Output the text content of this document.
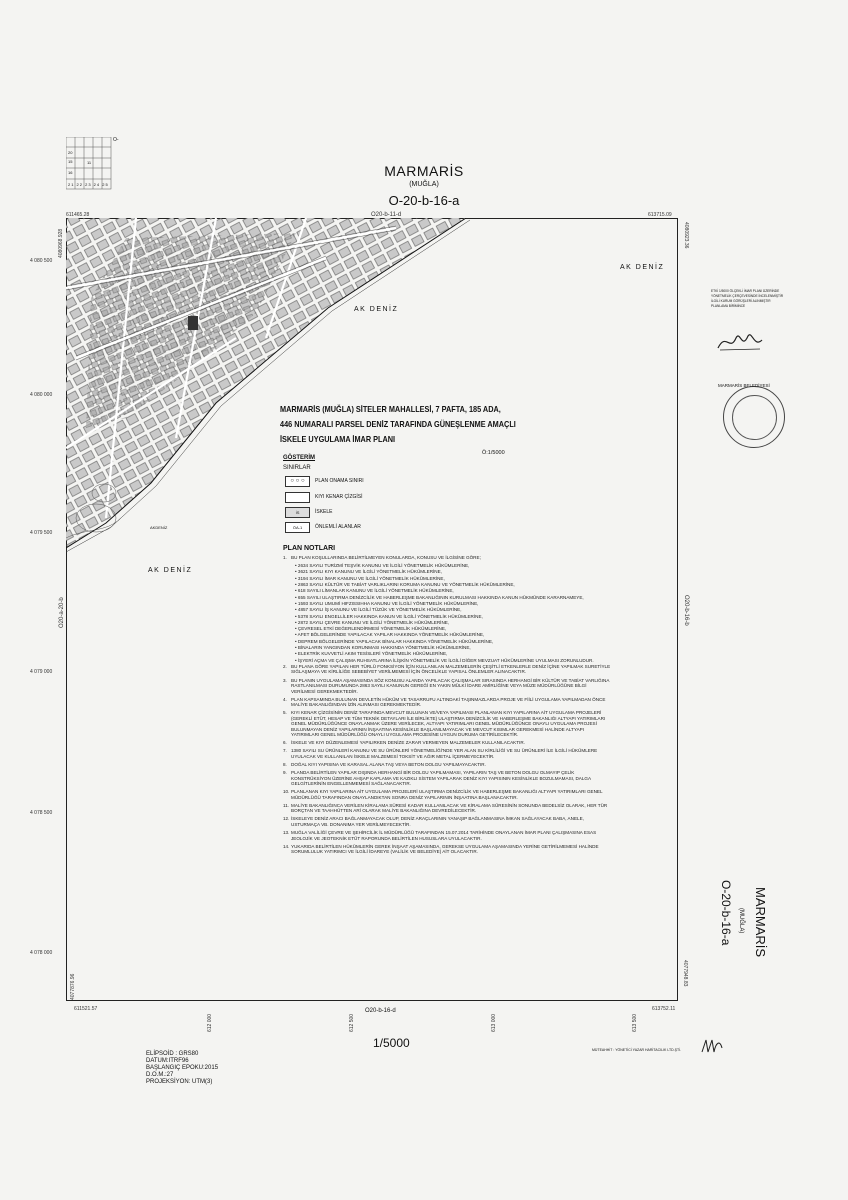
O-
20
15	11
16
21 22 23 24 25
MARMARİS
(MUĞLA)
O-20-b-16-a
O20-b-11-d
611465.28	613715.09
611521.57	613752.11
4080968.928
4077876.96
4080923.36
4077948.83
O20-a-20-b	O20-b-16-b
4 080 500
4 080 000
4 079 500
4 079 000
4 078 500
4 078 000
612 000	612 500	613 000	613 500
AK DENİZ
AK DENİZ
AK DENİZ
AKDENİZ
MARMARİS (MUĞLA) SİTELER MAHALLESİ, 7 PAFTA, 185 ADA,
446 NUMARALI PARSEL DENİZ TARAFINDA GÜNEŞLENME AMAÇLI
İSKELE UYGULAMA İMAR PLANI
Ö:1/5000
GÖSTERİM
SINIRLAR
○ ○ ○	PLAN ONAMA SINIRI
KIYI KENAR ÇİZGİSİ
İS	İSKELE
ÖA-1	ÖNLEMLİ ALANLAR
PLAN NOTLARI
1. BU PLAN KOŞULLARINDA BELİRTİLMEYEN KONULARDA, KONUSU VE İLGİSİNE GÖRE;
• 2634 SAYILI TURİZMİ TEŞVİK KANUNU VE İLGİLİ YÖNETMELİK HÜKÜMLERİNE,
• 3621 SAYILI KIYI KANUNU VE İLGİLİ YÖNETMELİK HÜKÜMLERİNE,
• 3194 SAYILI İMAR KANUNU VE İLGİLİ YÖNETMELİK HÜKÜMLERİNE,
• 2863 SAYILI KÜLTÜR VE TABİAT VARLIKLARINI KORUMA KANUNU VE YÖNETMELİK HÜKÜMLERİNE,
• 618 SAYILI LİMANLAR KANUNU VE İLGİLİ YÖNETMELİK HÜKÜMLERİNE,
• 655 SAYILI ULAŞTIRMA DENİZCİLİK VE HABERLEŞME BAKANLIĞININ KURULMASI HAKKINDA KANUN HÜKMÜNDE KARARNAMEYE,
• 1593 SAYILI UMUMİ HIFZISSIHHA KANUNU VE İLGİLİ YÖNETMELİK HÜKÜMLERİNE,
• 4857 SAYILI İŞ KANUNU VE İLGİLİ TÜZÜK VE YÖNETMELİK HÜKÜMLERİNE,
• 5378 SAYILI ENGELLİLER HAKKINDA KANUN VE İLGİLİ YÖNETMELİK HÜKÜMLERİNE,
• 2872 SAYILI ÇEVRE KANUNU VE İLGİLİ YÖNETMELİK HÜKÜMLERİNE,
• ÇEVRESEL ETKİ DEĞERLENDİRMESİ YÖNETMELİK HÜKÜMLERİNE,
• AFET BÖLGELERİNDE YAPILACAK YAPILAR HAKKINDA YÖNETMELİK HÜKÜMLERİNE,
• DEPREM BÖLGELERİNDE YAPILACAK BİNALAR HAKKINDA YÖNETMELİK HÜKÜMLERİNE,
• BİNALARIN YANGINDAN KORUNMASI HAKKINDA YÖNETMELİK HÜKÜMLERİNE,
• ELEKTRİK KUVVETLİ AKIM TESİSLERİ YÖNETMELİK HÜKÜMLERİNE,
• İŞYERİ AÇMA VE ÇALIŞMA RUHSATLARINA İLİŞKİN YÖNETMELİK VE İLGİLİ DİĞER MEVZUAT HÜKÜMLERİNE UYULMASI ZORUNLUDUR.
2. BU PLANA GÖRE YAPILAN HER TÜRLÜ FONKSİYON İÇİN KULLANILAN MALZEMELERİN ÇEŞİTLİ ETKENLERLE DENİZ İÇİNE YAPILMAK SURETİYLE SIĞLAŞMAYA VE KİRLİLİĞE SEBEBİYET VERİLMEMESİ İÇİN ÖNCELİKLE YAPISAL ÖNLEMLER ALINACAKTIR.
3. BU PLANIN UYGULAMA AŞAMASINDA SÖZ KONUSU ALANDA YAPILACAK ÇALIŞMALAR SIRASINDA HERHANGİ BİR KÜLTÜR VE TABİAT VARLIĞINA RASTLANILMASI DURUMUNDA 2863 SAYILI KANUNUN GEREĞİ EN YAKIN MÜLKİ İDARE AMİRLİĞİNE VEYA MÜZE MÜDÜRLÜĞÜNE BİLGİ VERİLMESİ GEREKMEKTEDİR.
4. PLAN KAPSAMINDA BULUNAN DEVLETİN HÜKÜM VE TASARRUFU ALTINDAKİ TAŞINMAZLARDA PROJE VE FİİLİ UYGULAMA YAPILMADAN ÖNCE MALİYE BAKANLIĞINDAN İZİN ALINMASI GEREKMEKTEDİR.
5. KIYI KENAR ÇİZGİSİNİN DENİZ TARAFINDA MEVCUT BULUNAN VE/VEYA YAPILMASI PLANLANAN KIYI YAPILARINA AİT UYGULAMA PROJELERİ (GEREKLİ ETÜT, HESAP VE TÜM TEKNİK DETAYLARI İLE BİRLİKTE) ULAŞTIRMA DENİZCİLİK VE HABERLEŞME BAKANLIĞI ALTYAPI YATIRIMLARI GENEL MÜDÜRLÜĞÜNCE ONAYLANMAK ÜZERE VERİLECEK, ALTYAPI YATIRIMLARI GENEL MÜDÜRLÜĞÜNCE ONAYLI UYGULAMA PROJESİ BULUNMAYAN DENİZ YAPILARININ İNŞAATINA KESİNLİKLE BAŞLANILMAYACAK VE MEVCUT KISIMLAR GEREKMESİ HALİNDE ALTYAPI YATIRIMLARI GENEL MÜDÜRLÜĞÜ ONAYLI UYGULAMA PROJESİNE UYGUN DURUMA GETİRİLECEKTİR.
6. İSKELE VE KIYI DÜZENLEMESİ YAPILIRKEN DENİZE ZARAR VERMEYEN MALZEMELER KULLANILACAKTIR.
7. 1380 SAYILI SU ÜRÜNLERİ KANUNU VE SU ÜRÜNLERİ YÖNETMELİĞİ'NDE YER ALAN SU KİRLİLİĞİ VE SU ÜRÜNLERİ İLE İLGİLİ HÜKÜMLERE UYULACAK VE KULLANILAN İSKELE MALZEMESİ TOKSİT VE AĞIR METAL İÇERMEYECEKTİR.
8. DOĞAL KIYI YAPISINA VE KARASAL ALANA TAŞ VEYA BETON DOLGU YAPILMAYACAKTIR.
9. PLANDA BELİRTİLEN YAPILAR DIŞINDA HERHANGİ BİR DOLGU YAPILMAMASI, YAPILARIN TAŞ VE BETON DOLGU OLMAYIP ÇELİK KONSTRÜKSİYON ÜZERİNE AHŞAP KAPLAMA VE KAZIKLI SİSTEM YAPILARAK DENİZ KIYI YAPISININ KESİNLİKLE BOZULMAMASI, DALGA GELGİTLERİNİN ENGELLENMEMESİ SAĞLANACAKTIR.
10. PLANLANAN KIYI YAPILARINA AİT UYGULAMA PROJELERİ ULAŞTIRMA DENİZCİLİK VE HABERLEŞME BAKANLIĞI ALTYAPI YATIRIMLARI GENEL MÜDÜRLÜĞÜ TARAFINDAN ONAYLANDIKTAN SONRA DENİZ YAPILARININ İNŞAATINA BAŞLANACAKTIR.
11. MALİYE BAKANLIĞINCA VERİLEN KİRALAMA SÜRESİ KADAR KULLANILACAK VE KİRALAMA SÜRESİNİN SONUNDA BEDELSİZ OLARAK, HER TÜR BORÇTAN VE TAAHHÜTTEN ARİ OLARAK MALİYE BAKANLIĞINA DEVREDİLECEKTİR.
12. İSKELEYE DENİZ ARACI BAĞLANMAYACAK OLUP, DENİZ ARAÇLARININ YANAŞIP BAĞLANMASINA İMKAN SAĞLAYACAK BABA, ANELE, USTURMAÇA VB. DONANIMA YER VERİLMEYECEKTİR.
13. MUĞLA VALİLİĞİ ÇEVRE VE ŞEHİRCİLİK İL MÜDÜRLÜĞÜ TARAFINDAN 15.07.2014 TARİHİNDE ONAYLANAN İMAR PLANI ÇALIŞMASINA ESAS JEOLOJİK VE JEOTEKNİK ETÜT RAPORUNDA BELİRTİLEN HUSUSLARA UYULACAKTIR.
14. YUKARIDA BELİRTİLEN HÜKÜMLERİN GEREK İNŞAAT AŞAMASINDA, GEREKSE UYGULAMA AŞAMASINDA YERİNE GETİRİLMEMESİ HALİNDE SORUMLULUK YATIRIMCI VE İLGİLİ İDAREYE (VALİLİK VE BELEDİYE) AİT OLACAKTIR.
MARMARİS
(MUĞLA)
O-20-b-16-a
ETKİ 1/5000 ÖLÇEKLİ İMAR PLANI ÜZERİNDE
YÖNETMELİK ÇERÇEVESİNDE İNCELENMİŞTİR
İLGİLİ KURUM GÖRÜŞLERİ ALINMIŞTIR
PLANLAMA BİRİMİNCE
MARMARİS BELEDİYESİ
O20-b-16-d
1/5000
ELİPSOİD : GRS80
DATUM:ITRF96
BAŞLANGIÇ EPOKU:2015
D.O.M.:27
PROJEKSİYON: UTM(3)
MÜTEAHHİT : YÖNETİCİ YAZAR HARİTACILIK LTD.ŞTİ.
